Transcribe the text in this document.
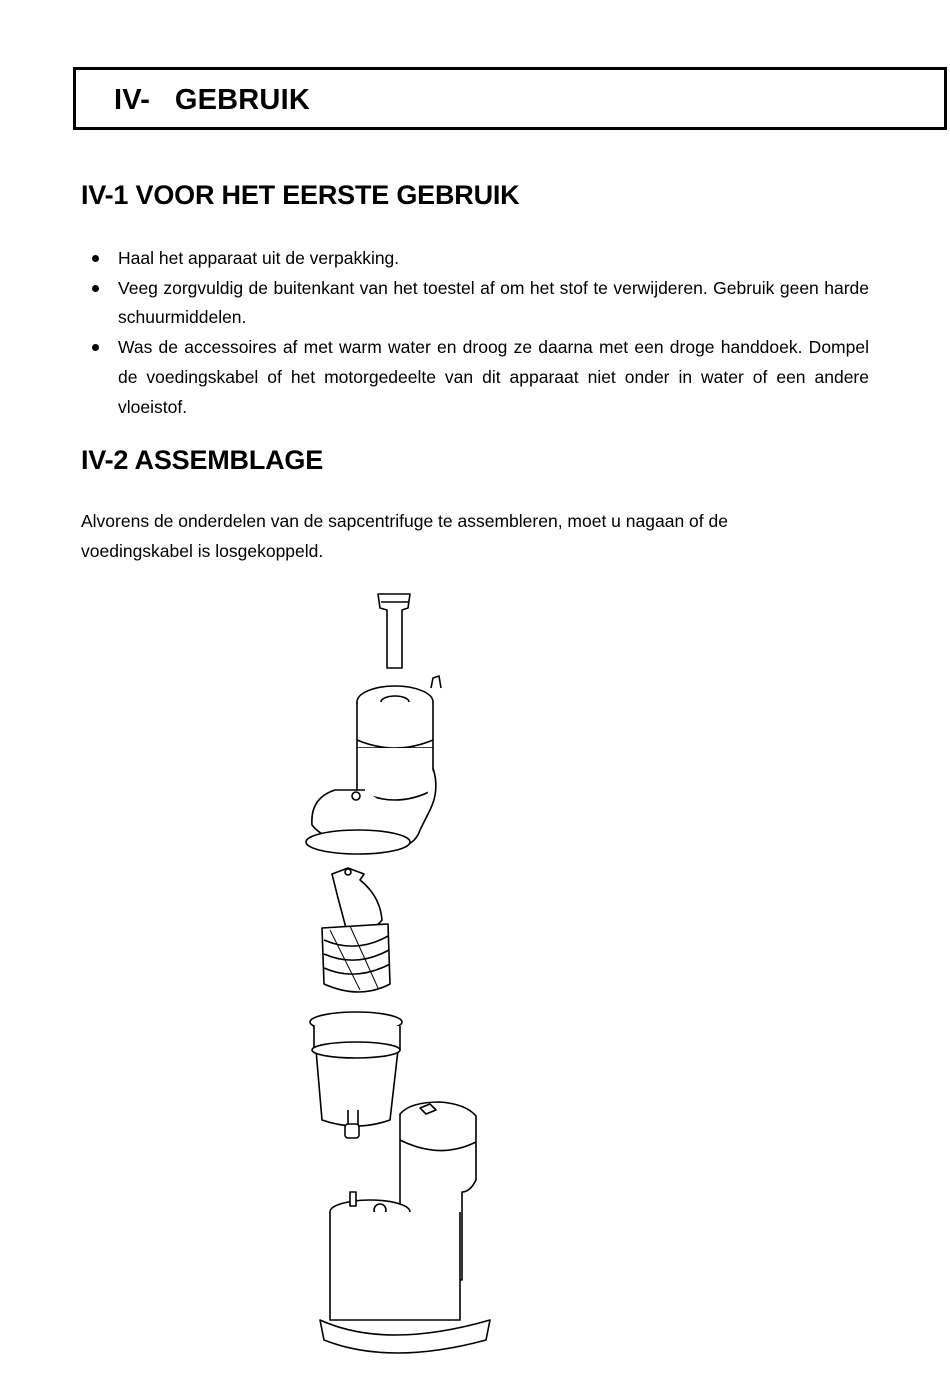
IV- GEBRUIK
IV-1 VOOR HET EERSTE GEBRUIK
Haal het apparaat uit de verpakking.
Veeg zorgvuldig de buitenkant van het toestel af om het stof te verwijderen. Gebruik geen harde schuurmiddelen.
Was de accessoires af met warm water en droog ze daarna met een droge handdoek. Dompel de voedingskabel of het motorgedeelte van dit apparaat niet onder in water of een andere vloeistof.
IV-2 ASSEMBLAGE

Alvorens de onderdelen van de sapcentrifuge te assembleren, moet u nagaan of de
voedingskabel is losgekoppeld.
